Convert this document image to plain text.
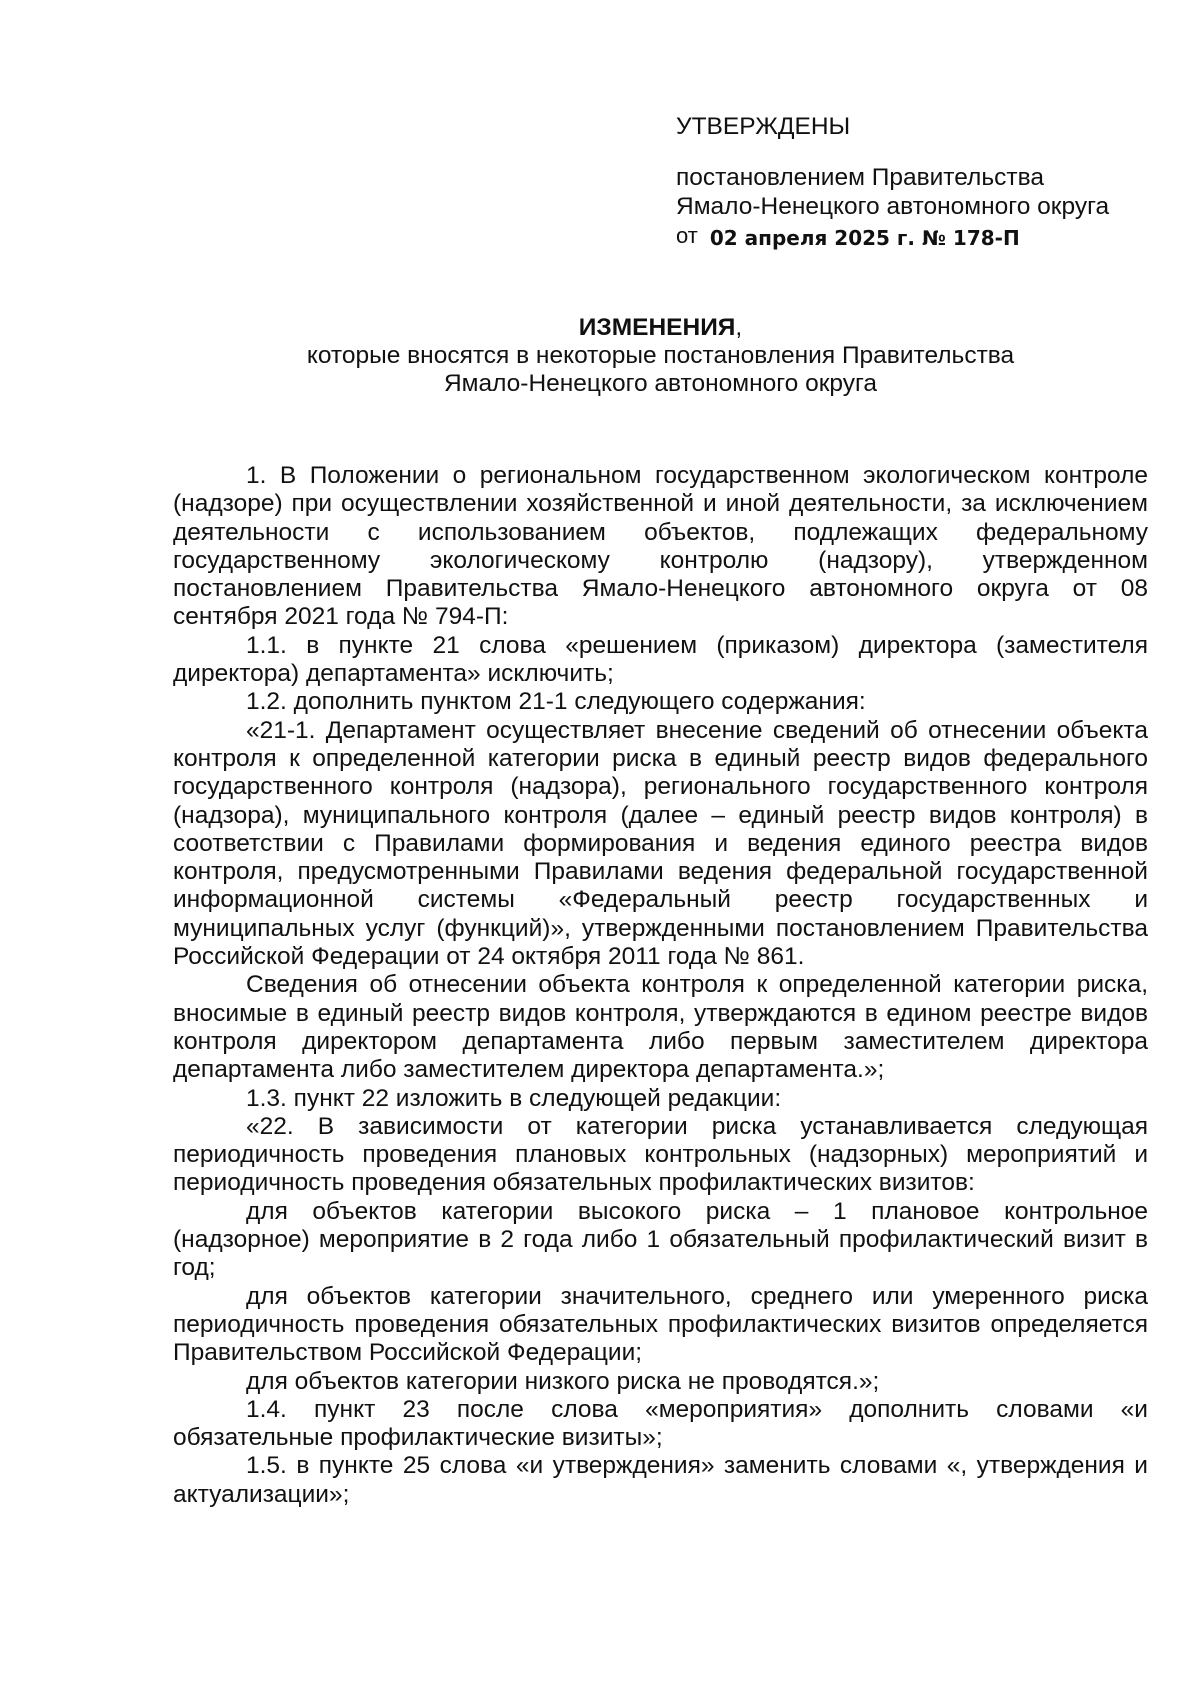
УТВЕРЖДЕНЫ
постановлением Правительства
Ямало-Ненецкого автономного округа
от 02 апреля 2025 г. № 178-П
ИЗМЕНЕНИЯ,
которые вносятся в некоторые постановления Правительства
Ямало-Ненецкого автономного округа

1. В Положении о региональном государственном экологическом контроле (надзоре) при осуществлении хозяйственной и иной деятельности, за исключением деятельности с использованием объектов, подлежащих федеральному государственному экологическому контролю (надзору), утвержденном постановлением Правительства Ямало-Ненецкого автономного округа от 08 сентября 2021 года № 794-П:

1.1. в пункте 21 слова «решением (приказом) директора (заместителя директора) департамента» исключить;

1.2. дополнить пунктом 21-1 следующего содержания:

«21-1. Департамент осуществляет внесение сведений об отнесении объекта контроля к определенной категории риска в единый реестр видов федерального государственного контроля (надзора), регионального государственного контроля (надзора), муниципального контроля (далее – единый реестр видов контроля) в соответствии с Правилами формирования и ведения единого реестра видов контроля, предусмотренными Правилами ведения федеральной государственной информационной системы «Федеральный реестр государственных и муниципальных услуг (функций)», утвержденными постановлением Правительства Российской Федерации от 24 октября 2011 года № 861.

Сведения об отнесении объекта контроля к определенной категории риска, вносимые в единый реестр видов контроля, утверждаются в едином реестре видов контроля директором департамента либо первым заместителем директора департамента либо заместителем директора департамента.»;

1.3. пункт 22 изложить в следующей редакции:

«22. В зависимости от категории риска устанавливается следующая периодичность проведения плановых контрольных (надзорных) мероприятий и периодичность проведения обязательных профилактических визитов:

для объектов категории высокого риска – 1 плановое контрольное (надзорное) мероприятие в 2 года либо 1 обязательный профилактический визит в год;

для объектов категории значительного, среднего или умеренного риска периодичность проведения обязательных профилактических визитов определяется Правительством Российской Федерации;

для объектов категории низкого риска не проводятся.»;

1.4. пункт 23 после слова «мероприятия» дополнить словами «и обязательные профилактические визиты»;

1.5. в пункте 25 слова «и утверждения» заменить словами «, утверждения и актуализации»;
